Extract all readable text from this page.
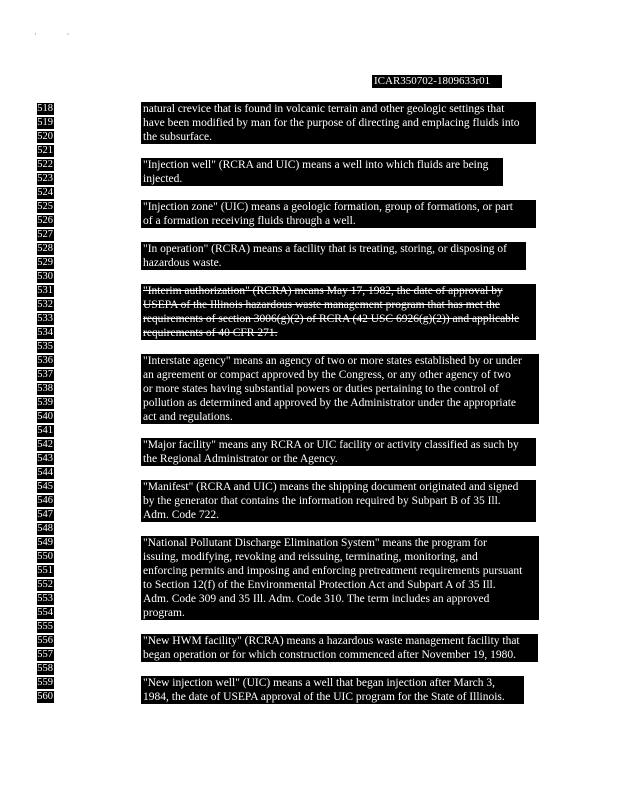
··
ICAR350702-1809633r01
518
519
520
521
522
523
524
525
526
527
528
529
530
531
532
533
534
535
536
537
538
539
540
541
542
543
544
545
546
547
548
549
550
551
552
553
554
555
556
557
558
559
560
natural crevice that is found in volcanic terrain and other geologic settings that
have been modified by man for the purpose of directing and emplacing fluids into
the subsurface.
"Injection well" (RCRA and UIC) means a well into which fluids are being
injected.
"Injection zone" (UIC) means a geologic formation, group of formations, or part
of a formation receiving fluids through a well.
"In operation" (RCRA) means a facility that is treating, storing, or disposing of
hazardous waste.
"Interim authorization" (RCRA) means May 17, 1982, the date of approval by
USEPA of the Illinois hazardous waste management program that has met the
requirements of section 3006(g)(2) of RCRA (42 USC 6926(g)(2)) and applicable
requirements of 40 CFR 271.
"Interstate agency" means an agency of two or more states established by or under
an agreement or compact approved by the Congress, or any other agency of two
or more states having substantial powers or duties pertaining to the control of
pollution as determined and approved by the Administrator under the appropriate
act and regulations.
"Major facility" means any RCRA or UIC facility or activity classified as such by
the Regional Administrator or the Agency.
"Manifest" (RCRA and UIC) means the shipping document originated and signed
by the generator that contains the information required by Subpart B of 35 Ill.
Adm. Code 722.
"National Pollutant Discharge Elimination System" means the program for
issuing, modifying, revoking and reissuing, terminating, monitoring, and
enforcing permits and imposing and enforcing pretreatment requirements pursuant
to Section 12(f) of the Environmental Protection Act and Subpart A of 35 Ill.
Adm. Code 309 and 35 Ill. Adm. Code 310. The term includes an approved
program.
"New HWM facility" (RCRA) means a hazardous waste management facility that
began operation or for which construction commenced after November 19, 1980.
"New injection well" (UIC) means a well that began injection after March 3,
1984, the date of USEPA approval of the UIC program for the State of Illinois.
